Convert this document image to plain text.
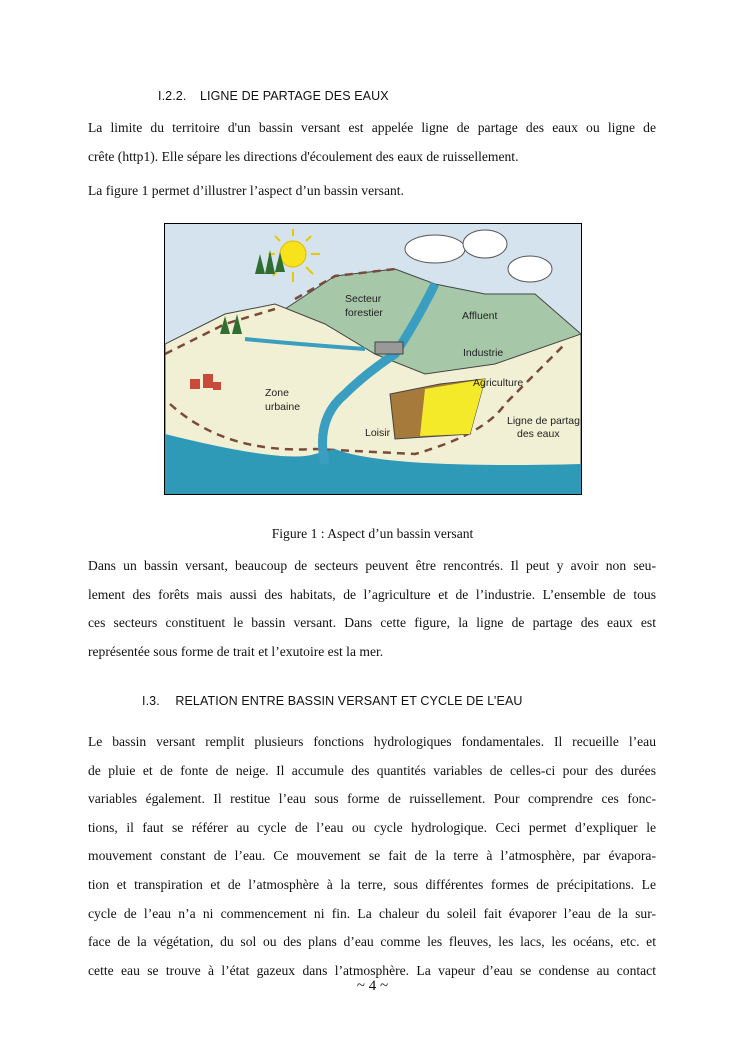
I.2.2. LIGNE DE PARTAGE DES EAUX
La limite du territoire d'un bassin versant est appelée ligne de partage des eaux ou ligne de
crête (http1). Elle sépare les directions d'écoulement des eaux de ruissellement.
La figure 1 permet d’illustrer l’aspect d’un bassin versant.
Secteur
forestier	Affluent
Industrie
Agriculture
Zone
urbaine
Loisir
Ligne de partag
des eaux
Figure 1 : Aspect d’un bassin versant
Dans un bassin versant, beaucoup de secteurs peuvent être rencontrés. Il peut y avoir non seu-
lement des forêts mais aussi des habitats, de l’agriculture et de l’industrie. L’ensemble de tous
ces secteurs constituent le bassin versant. Dans cette figure, la ligne de partage des eaux est
représentée sous forme de trait et l’exutoire est la mer.
I.3. RELATION ENTRE BASSIN VERSANT ET CYCLE DE L’EAU
Le bassin versant remplit plusieurs fonctions hydrologiques fondamentales. Il recueille l’eau
de pluie et de fonte de neige. Il accumule des quantités variables de celles-ci pour des durées
variables également. Il restitue l’eau sous forme de ruissellement. Pour comprendre ces fonc-
tions, il faut se référer au cycle de l’eau ou cycle hydrologique. Ceci permet d’expliquer le
mouvement constant de l’eau. Ce mouvement se fait de la terre à l’atmosphère, par évapora-
tion et transpiration et de l’atmosphère à la terre, sous différentes formes de précipitations. Le
cycle de l’eau n’a ni commencement ni fin. La chaleur du soleil fait évaporer l’eau de la sur-
face de la végétation, du sol ou des plans d’eau comme les fleuves, les lacs, les océans, etc. et
cette eau se trouve à l’état gazeux dans l’atmosphère. La vapeur d’eau se condense au contact
~ 4 ~
